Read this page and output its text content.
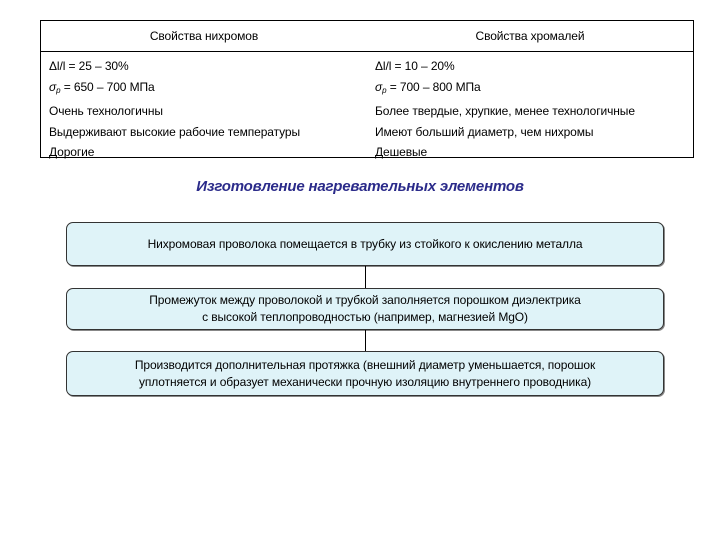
Свойства нихромов	Свойства хромалей
Δl/l = 25 – 30%
$\sigma_р = 650 - 700$ МПа
Очень технологичны
Выдерживают высокие рабочие температуры
Дорогие
Δl/l = 10 – 20%
$\sigma_р = 700 - 800$ МПа
Более твердые, хрупкие, менее технологичные
Имеют больший диаметр, чем нихромы
Дешевые
Изготовление нагревательных элементов
Нихромовая проволока помещается в трубку из стойкого к окислению металла
Промежуток между проволокой и трубкой заполняется порошком диэлектрика
с высокой теплопроводностью (например, магнезией MgO)
Производится дополнительная протяжка (внешний диаметр уменьшается, порошок
уплотняется и образует механически прочную изоляцию внутреннего проводника)
